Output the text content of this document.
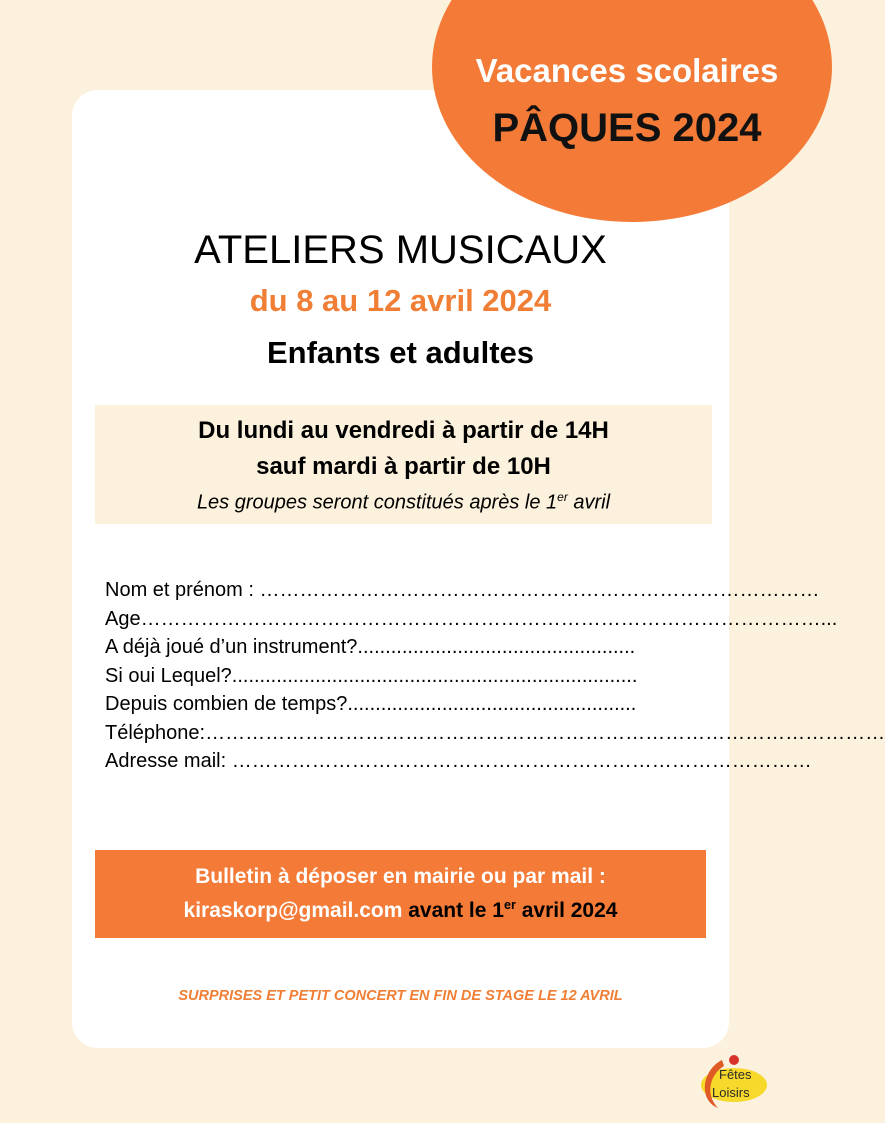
Vacances scolaires
PÂQUES 2024
ATELIERS MUSICAUX
du 8 au 12 avril 2024
Enfants et adultes
Du lundi au vendredi à partir de 14H
sauf mardi à partir de 10H
Les groupes seront constitués après le 1er avril
Nom et prénom : …………………………………………………………………………
Age…………………………………………………………………………………………...
A déjà joué d’un instrument?..................................................
Si oui Lequel?.........................................................................
Depuis combien de temps?....................................................
Téléphone:…………………………………………………………………………………………
Adresse mail: ……………………………………………………………………………
Bulletin à déposer en mairie ou par mail :
kiraskorp@gmail.com avant le 1er avril 2024
SURPRISES ET PETIT CONCERT EN FIN DE STAGE LE 12 AVRIL
Fêtes
Loisirs
